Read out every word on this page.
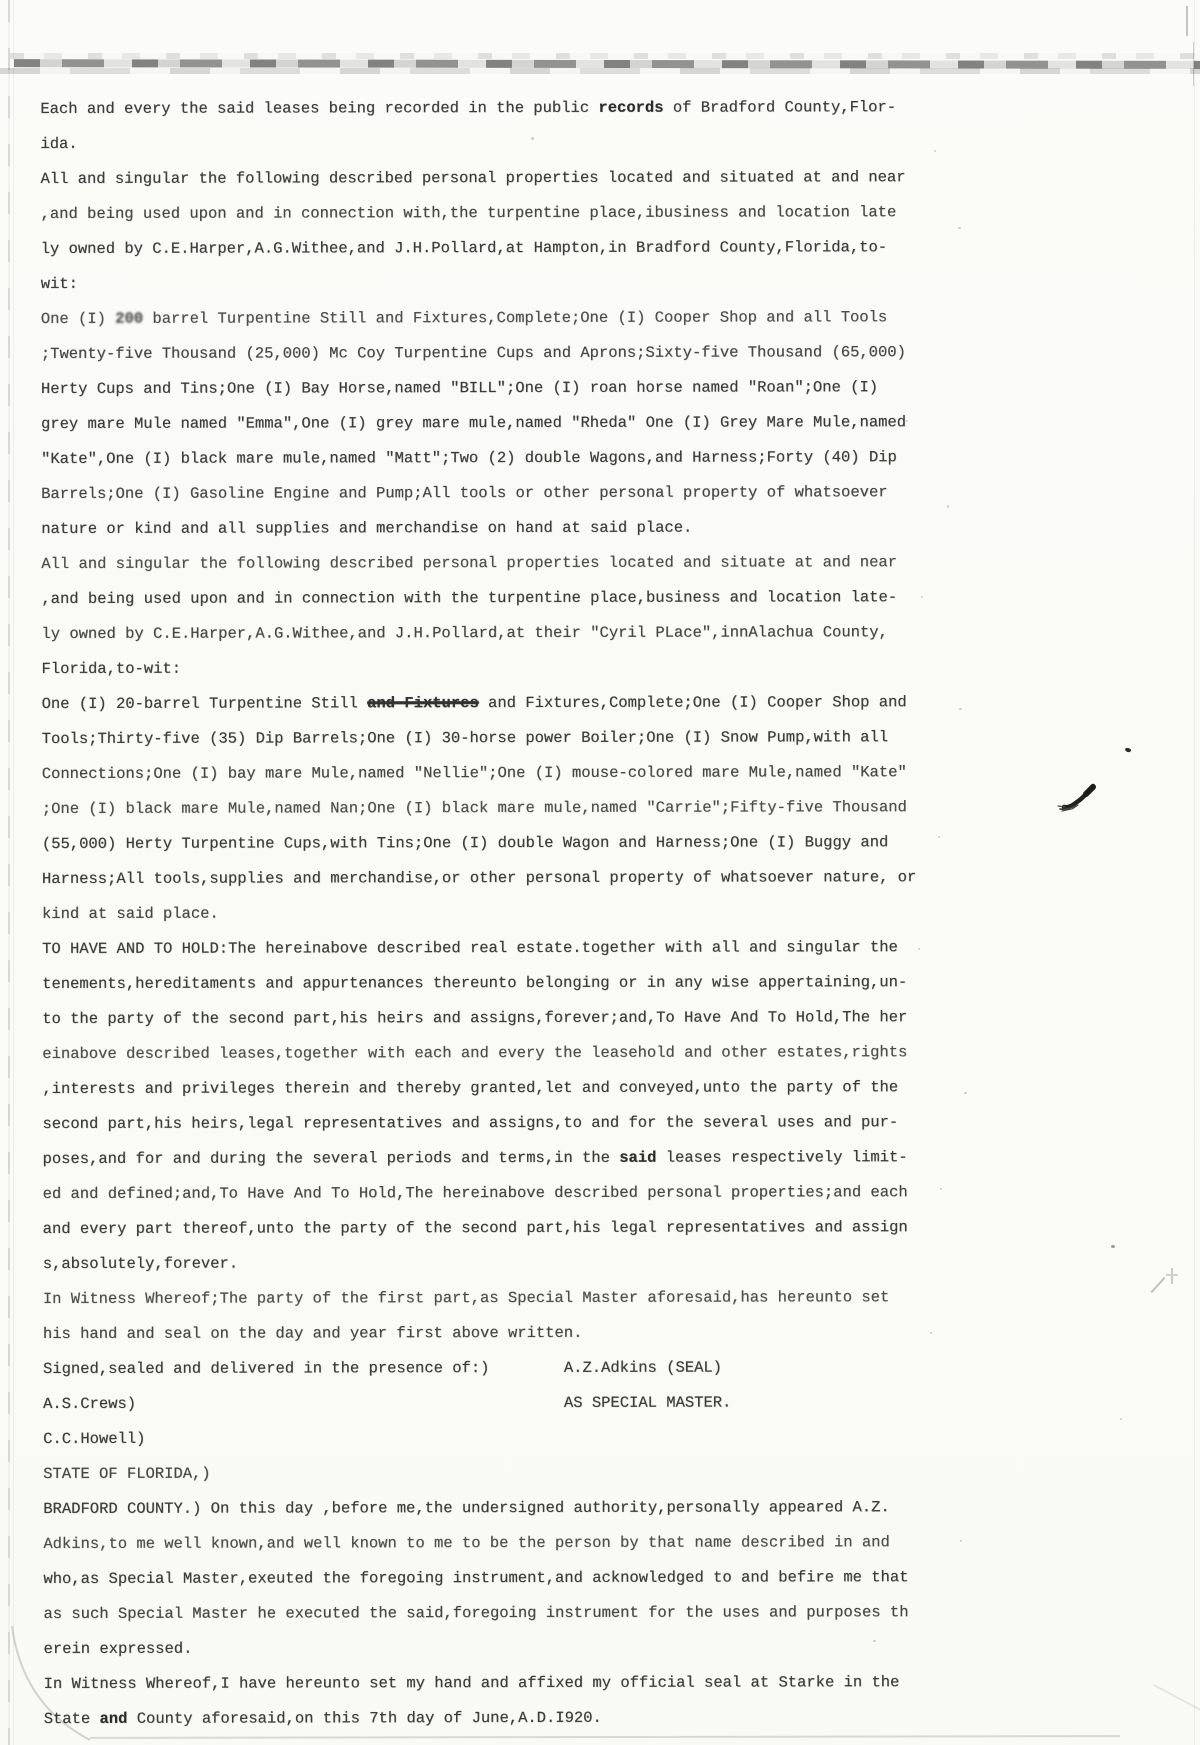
Each and every the said leases being recorded in the public records of Bradford County,Flor-
ida.
All and singular the following described personal properties located and situated at and near
,and being used upon and in connection with,the turpentine place,ibusiness and location late
ly owned by C.E.Harper,A.G.Withee,and J.H.Pollard,at Hampton,in Bradford County,Florida,to-
wit:
One (I) 200 barrel Turpentine Still and Fixtures,Complete;One (I) Cooper Shop and all Tools
;Twenty-five Thousand (25,000) Mc Coy Turpentine Cups and Aprons;Sixty-five Thousand (65,000)
Herty Cups and Tins;One (I) Bay Horse,named "BILL";One (I) roan horse named "Roan";One (I)
grey mare Mule named "Emma",One (I) grey mare mule,named "Rheda" One (I) Grey Mare Mule,named
"Kate",One (I) black mare mule,named "Matt";Two (2) double Wagons,and Harness;Forty (40) Dip
Barrels;One (I) Gasoline Engine and Pump;All tools or other personal property of whatsoever
nature or kind and all supplies and merchandise on hand at said place.
All and singular the following described personal properties located and situate at and near
,and being used upon and in connection with the turpentine place,business and location late-
ly owned by C.E.Harper,A.G.Withee,and J.H.Pollard,at their "Cyril PLace",innAlachua County,
Florida,to-wit:
One (I) 20-barrel Turpentine Still and Fixtures and Fixtures,Complete;One (I) Cooper Shop and
Tools;Thirty-five (35) Dip Barrels;One (I) 30-horse power Boiler;One (I) Snow Pump,with all
Connections;One (I) bay mare Mule,named "Nellie";One (I) mouse-colored mare Mule,named "Kate"
;One (I) black mare Mule,named Nan;One (I) black mare mule,named "Carrie";Fifty-five Thousand
(55,000) Herty Turpentine Cups,with Tins;One (I) double Wagon and Harness;One (I) Buggy and
Harness;All tools,supplies and merchandise,or other personal property of whatsoever nature, or
kind at said place.
TO HAVE AND TO HOLD:The hereinabove described real estate.together with all and singular the
tenements,hereditaments and appurtenances thereunto belonging or in any wise appertaining,un-
to the party of the second part,his heirs and assigns,forever;and,To Have And To Hold,The her
einabove described leases,together with each and every the leasehold and other estates,rights
,interests and privileges therein and thereby granted,let and conveyed,unto the party of the
second part,his heirs,legal representatives and assigns,to and for the several uses and pur-
poses,and for and during the several periods and terms,in the said leases respectively limit-
ed and defined;and,To Have And To Hold,The hereinabove described personal properties;and each
and every part thereof,unto the party of the second part,his legal representatives and assign
s,absolutely,forever.
In Witness Whereof;The party of the first part,as Special Master aforesaid,has hereunto set
his hand and seal on the day and year first above written.
Signed,sealed and delivered in the presence of:)        A.Z.Adkins (SEAL)
A.S.Crews)                                              AS SPECIAL MASTER.
C.C.Howell)
STATE OF FLORIDA,)
BRADFORD COUNTY.) On this day ,before me,the undersigned authority,personally appeared A.Z.
Adkins,to me well known,and well known to me to be the person by that name described in and
who,as Special Master,exeuted the foregoing instrument,and acknowledged to and befire me that
as such Special Master he executed the said,foregoing instrument for the uses and purposes th
erein expressed.
In Witness Whereof,I have hereunto set my hand and affixed my official seal at Starke in the
State and County aforesaid,on this 7th day of June,A.D.I920.
